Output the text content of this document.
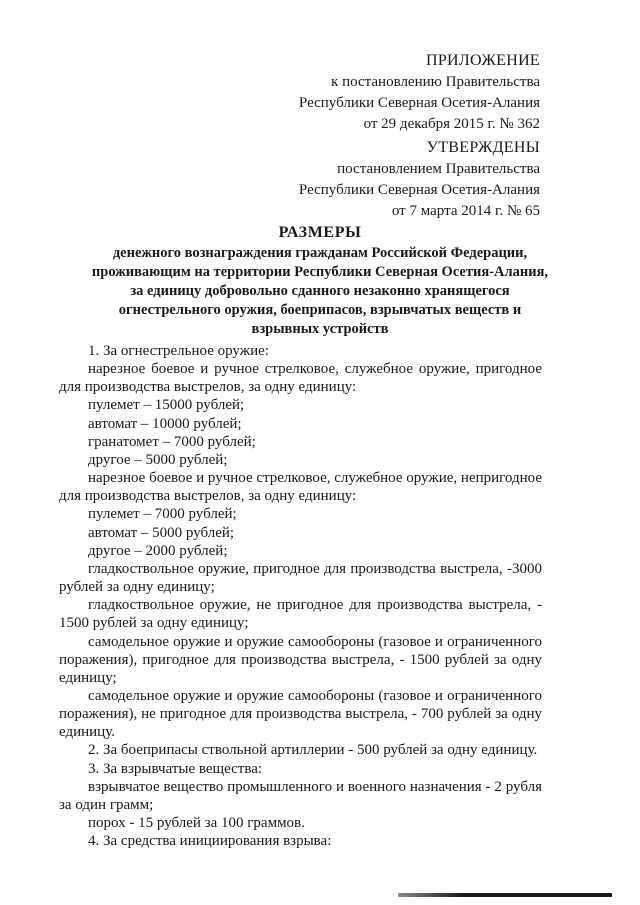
ПРИЛОЖЕНИЕ
к постановлению Правительства
Республики Северная Осетия-Алания
от 29 декабря 2015 г. № 362
УТВЕРЖДЕНЫ
постановлением Правительства
Республики Северная Осетия-Алания
от 7 марта 2014 г. № 65
РАЗМЕРЫ
денежного вознаграждения гражданам Российской Федерации,
проживающим на территории Республики Северная Осетия-Алания,
за единицу добровольно сданного незаконно хранящегося
огнестрельного оружия, боеприпасов, взрывчатых веществ и
взрывных устройств

1. За огнестрельное оружие:

нарезное боевое и ручное стрелковое, служебное оружие, пригодное для производства выстрелов, за одну единицу:

пулемет – 15000 рублей;

автомат – 10000 рублей;

гранатомет – 7000 рублей;

другое – 5000 рублей;

нарезное боевое и ручное стрелковое, служебное оружие, непригодное для производства выстрелов, за одну единицу:

пулемет – 7000 рублей;

автомат – 5000 рублей;

другое – 2000 рублей;

гладкоствольное оружие, пригодное для производства выстрела, -3000 рублей за одну единицу;

гладкоствольное оружие, не пригодное для производства выстрела, - 1500 рублей за одну единицу;

самодельное оружие и оружие самообороны (газовое и ограниченного поражения), пригодное для производства выстрела, - 1500 рублей за одну единицу;

самодельное оружие и оружие самообороны (газовое и ограниченного поражения), не пригодное для производства выстрела, - 700 рублей за одну единицу.

2. За боеприпасы ствольной артиллерии - 500 рублей за одну единицу.

3. За взрывчатые вещества:

взрывчатое вещество промышленного и военного назначения - 2 рубля за один грамм;

порох - 15 рублей за 100 граммов.

4. За средства инициирования взрыва:
